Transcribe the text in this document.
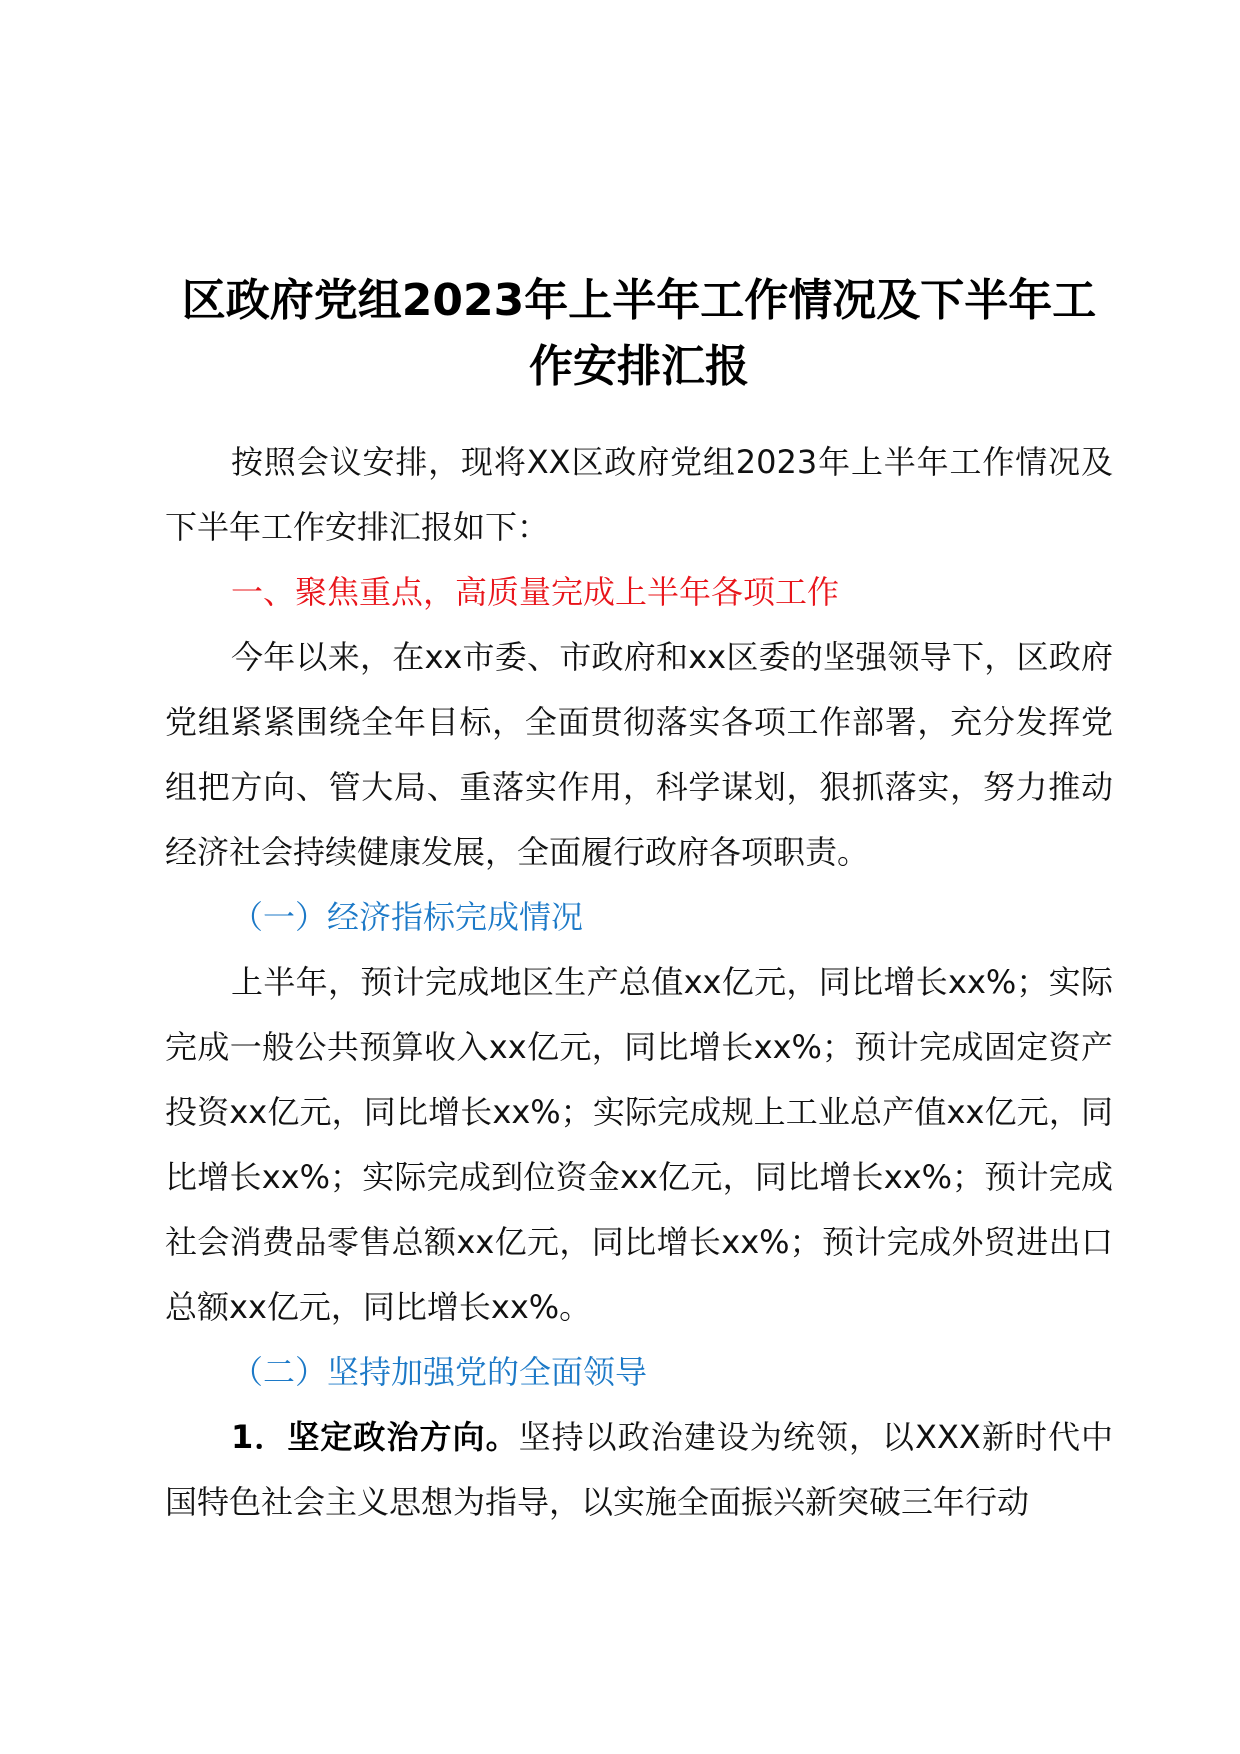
区政府党组2023年上半年工作情况及下半年工
作安排汇报

按照会议安排，现将XX区政府党组2023年上半年工作情况及下半年工作安排汇报如下：

一、聚焦重点，高质量完成上半年各项工作

今年以来，在xx市委、市政府和xx区委的坚强领导下，区政府党组紧紧围绕全年目标，全面贯彻落实各项工作部署，充分发挥党组把方向、管大局、重落实作用，科学谋划，狠抓落实，努力推动经济社会持续健康发展，全面履行政府各项职责。

（一）经济指标完成情况

上半年，预计完成地区生产总值xx亿元，同比增长xx%；实际完成一般公共预算收入xx亿元，同比增长xx%；预计完成固定资产投资xx亿元，同比增长xx%；实际完成规上工业总产值xx亿元，同比增长xx%；实际完成到位资金xx亿元，同比增长xx%；预计完成社会消费品零售总额xx亿元，同比增长xx%；预计完成外贸进出口总额xx亿元，同比增长xx%。

（二）坚持加强党的全面领导

1．坚定政治方向。坚持以政治建设为统领，以XXX新时代中国特色社会主义思想为指导，以实施全面振兴新突破三年行动
